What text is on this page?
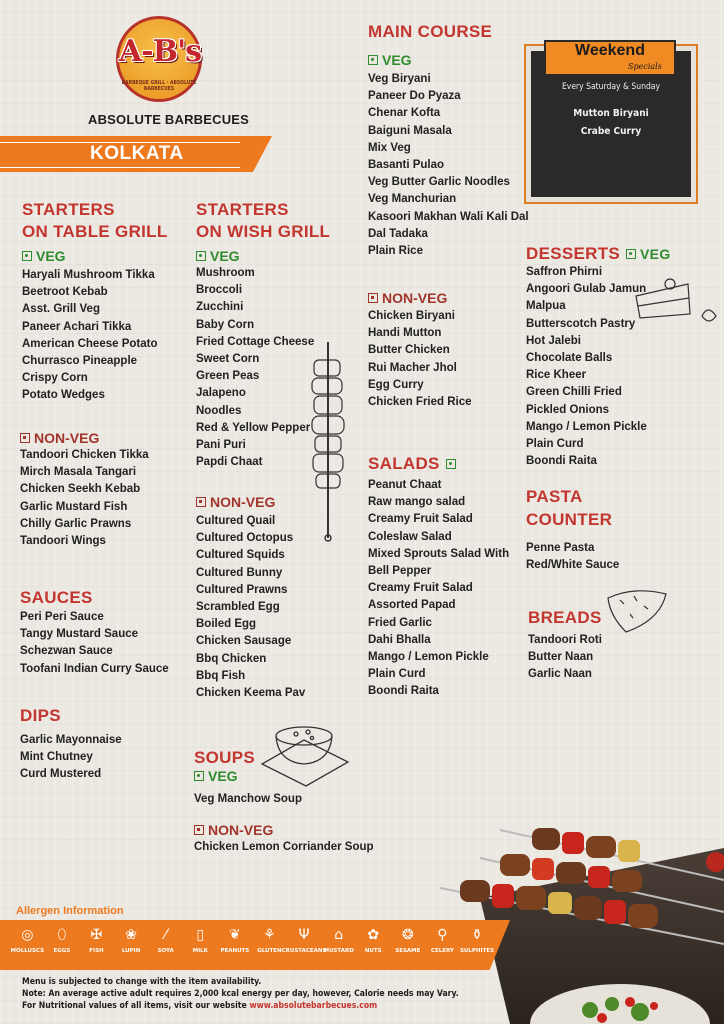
A-B's
BARBEQUE GRILL · ABSOLUTE BARBECUES
ABSOLUTE BARBECUES
KOLKATA
STARTERS
ON TABLE GRILL
VEG
Haryali Mushroom Tikka
Beetroot Kebab
Asst. Grill Veg
Paneer Achari Tikka
American Cheese Potato
Churrasco Pineapple
Crispy Corn
Potato Wedges
NON-VEG
Tandoori Chicken Tikka
Mirch Masala Tangari
Chicken Seekh Kebab
Garlic Mustard Fish
Chilly Garlic Prawns
Tandoori Wings
SAUCES
Peri Peri Sauce
Tangy Mustard Sauce
Schezwan Sauce
Toofani Indian Curry Sauce
DIPS
Garlic Mayonnaise
Mint Chutney
Curd Mustered
STARTERS
ON WISH GRILL
VEG
Mushroom
Broccoli
Zucchini
Baby Corn
Fried Cottage Cheese
Sweet Corn
Green Peas
Jalapeno
Noodles
Red & Yellow Pepper
Pani Puri
Papdi Chaat
NON-VEG
Cultured Quail
Cultured Octopus
Cultured Squids
Cultured Bunny
Cultured Prawns
Scrambled Egg
Boiled Egg
Chicken Sausage
Bbq Chicken
Bbq Fish
Chicken Keema Pav
SOUPS
VEG
Veg Manchow Soup
NON-VEG
Chicken Lemon Corriander Soup
MAIN COURSE
VEG
Veg Biryani
Paneer Do Pyaza
Chenar Kofta
Baiguni Masala
Mix Veg
Basanti Pulao
Veg Butter Garlic Noodles
Veg Manchurian
Kasoori Makhan Wali Kali Dal
Dal Tadaka
Plain Rice
NON-VEG
Chicken Biryani
Handi Mutton
Butter Chicken
Rui Macher Jhol
Egg Curry
Chicken Fried Rice
SALADS
Peanut Chaat
Raw mango salad
Creamy Fruit Salad
Coleslaw Salad
Mixed Sprouts Salad With
Bell Pepper
Creamy Fruit Salad
Assorted Papad
Fried Garlic
Dahi Bhalla
Mango / Lemon Pickle
Plain Curd
Boondi Raita
Weekend
Specials
Every Saturday & Sunday
Mutton Biryani
Crabe Curry
DESSERTS VEG
Saffron Phirni
Angoori Gulab Jamun
Malpua
Butterscotch Pastry
Hot Jalebi
Chocolate Balls
Rice Kheer
Green Chilli Fried
Pickled Onions
Mango / Lemon Pickle
Plain Curd
Boondi Raita
PASTA
COUNTER
Penne Pasta
Red/White Sauce
BREADS
Tandoori Roti
Butter Naan
Garlic Naan
Allergen Information
◎
MOLLUSCS
⬯
EGGS
✠
FISH
❀
LUPIN
⁄
SOYA
▯
MILK
❦
PEANUTS
⚘
GLUTEN
Ψ
CRUSTACEANS
⌂
MUSTARD
✿
NUTS
❂
SESAME
⚲
CELERY
⚱
SULPHITES
Menu is subjected to change with the item availability.
Note: An average active adult requires 2,000 kcal energy per day, however, Calorie needs may Vary.
For Nutritional values of all items, visit our website www.absolutebarbecues.com
